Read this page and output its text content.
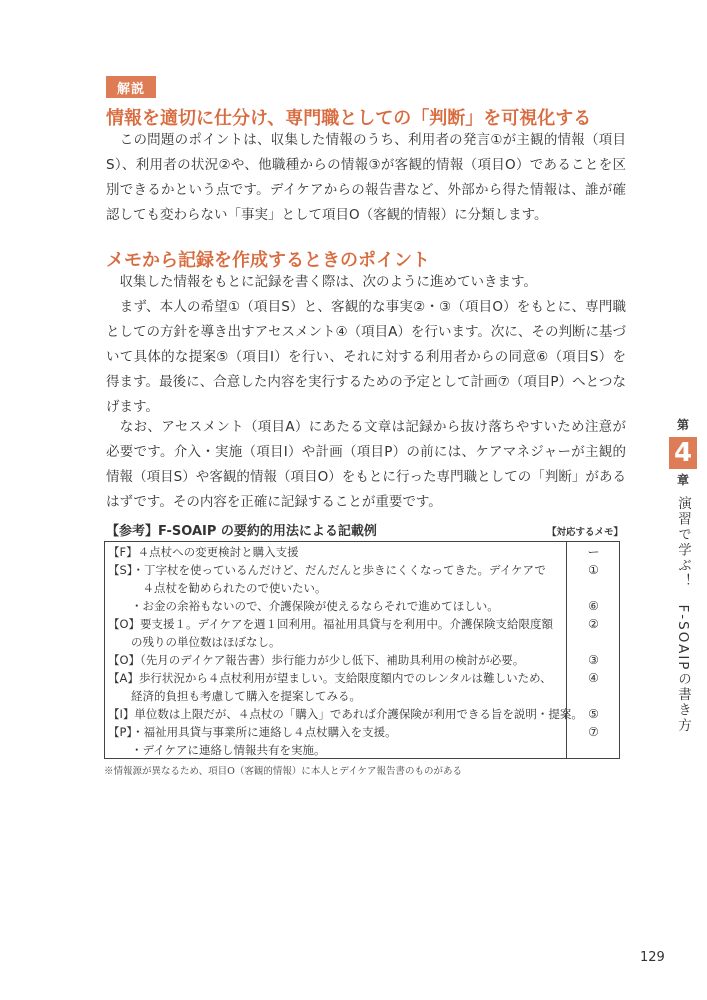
解説
情報を適切に仕分け、専門職としての「判断」を可視化する

　この問題のポイントは、収集した情報のうち、利用者の発言①が主観的情報（項目S）、利用者の状況②や、他職種からの情報③が客観的情報（項目O）であることを区別できるかという点です。デイケアからの報告書など、外部から得た情報は、誰が確認しても変わらない「事実」として項目O（客観的情報）に分類します。

メモから記録を作成するときのポイント

　収集した情報をもとに記録を書く際は、次のように進めていきます。

　まず、本人の希望①（項目S）と、客観的な事実②・③（項目O）をもとに、専門職としての方針を導き出すアセスメント④（項目A）を行います。次に、その判断に基づいて具体的な提案⑤（項目I）を行い、それに対する利用者からの同意⑥（項目S）を得ます。最後に、合意した内容を実行するための予定として計画⑦（項目P）へとつなげます。

　なお、アセスメント（項目A）にあたる文章は記録から抜け落ちやすいため注意が必要です。介入・実施（項目I）や計画（項目P）の前には、ケアマネジャーが主観的情報（項目S）や客観的情報（項目O）をもとに行った専門職としての「判断」があるはずです。その内容を正確に記録することが重要です。

【参考】F-SOAIP の要約的用法による記載例	【対応するメモ】
【F】４点杖への変更検討と購入支援
【S】・丁字杖を使っているんだけど、だんだんと歩きにくくなってきた。デイケアで
　　　４点杖を勧められたので使いたい。
　　・お金の余裕もないので、介護保険が使えるならそれで進めてほしい。
【O】要支援１。デイケアを週１回利用。福祉用具貸与を利用中。介護保険支給限度額
　　の残りの単位数はほぼなし。
【O】（先月のデイケア報告書）歩行能力が少し低下、補助具利用の検討が必要。
【A】歩行状況から４点杖利用が望ましい。支給限度額内でのレンタルは難しいため、
　　経済的負担も考慮して購入を提案してみる。
【I】単位数は上限だが、４点杖の「購入」であれば介護保険が利用できる旨を説明・提案。
【P】・福祉用具貸与事業所に連絡し４点杖購入を支援。
　　・デイケアに連絡し情報共有を実施。
ー
①
⑥
②
③
④
⑤
⑦
※情報源が異なるため、項目O（客観的情報）に本人とデイケア報告書のものがある
第
4
章
演習で学ぶ！　F-SOAIPの書き方
129
